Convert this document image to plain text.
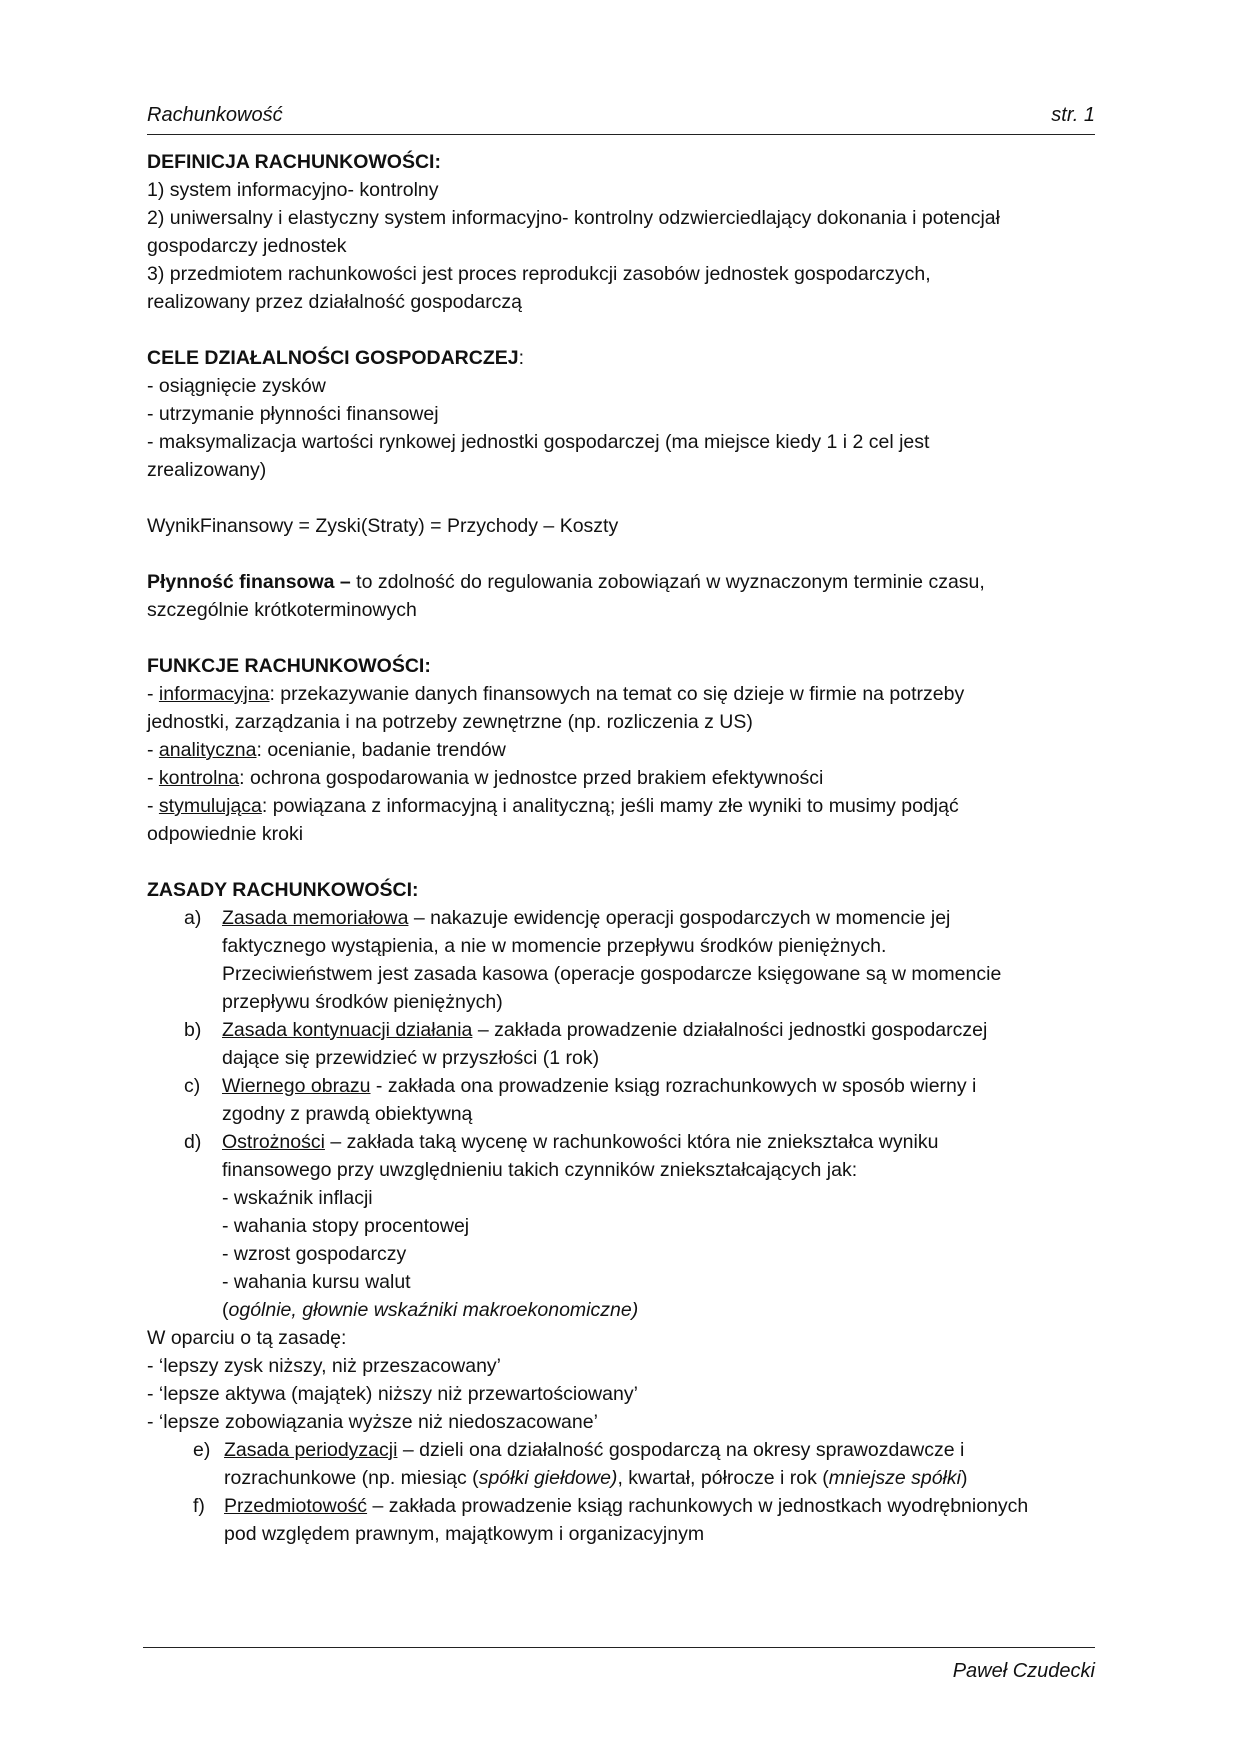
Rachunkowość	str. 1
DEFINICJA RACHUNKOWOŚCI:
1) system informacyjno- kontrolny
2) uniwersalny i elastyczny system informacyjno- kontrolny odzwierciedlający dokonania i potencjał
gospodarczy jednostek
3) przedmiotem rachunkowości jest proces reprodukcji zasobów jednostek gospodarczych,
realizowany przez działalność gospodarczą
CELE DZIAŁALNOŚCI GOSPODARCZEJ:
- osiągnięcie zysków
- utrzymanie płynności finansowej
- maksymalizacja wartości rynkowej jednostki gospodarczej (ma miejsce kiedy 1 i 2 cel jest
zrealizowany)
WynikFinansowy = Zyski(Straty) = Przychody – Koszty
Płynność finansowa – to zdolność do regulowania zobowiązań w wyznaczonym terminie czasu,
szczególnie krótkoterminowych
FUNKCJE RACHUNKOWOŚCI:
- informacyjna: przekazywanie danych finansowych na temat co się dzieje w firmie na potrzeby
jednostki, zarządzania i na potrzeby zewnętrzne (np. rozliczenia z US)
- analityczna: ocenianie, badanie trendów
- kontrolna: ochrona gospodarowania w jednostce przed brakiem efektywności
- stymulująca: powiązana z informacyjną i analityczną; jeśli mamy złe wyniki to musimy podjąć
odpowiednie kroki
ZASADY RACHUNKOWOŚCI:
a) Zasada memoriałowa – nakazuje ewidencję operacji gospodarczych w momencie jej
faktycznego wystąpienia, a nie w momencie przepływu środków pieniężnych.
Przeciwieństwem jest zasada kasowa (operacje gospodarcze księgowane są w momencie
przepływu środków pieniężnych)
b) Zasada kontynuacji działania – zakłada prowadzenie działalności jednostki gospodarczej
dające się przewidzieć w przyszłości (1 rok)
c) Wiernego obrazu - zakłada ona prowadzenie ksiąg rozrachunkowych w sposób wierny i
zgodny z prawdą obiektywną
d) Ostrożności – zakłada taką wycenę w rachunkowości która nie zniekształca wyniku
finansowego przy uwzględnieniu takich czynników zniekształcających jak:
- wskaźnik inflacji
- wahania stopy procentowej
- wzrost gospodarczy
- wahania kursu walut
(ogólnie, głownie wskaźniki makroekonomiczne)
W oparciu o tą zasadę:
- ‘lepszy zysk niższy, niż przeszacowany’
- ‘lepsze aktywa (majątek) niższy niż przewartościowany’
- ‘lepsze zobowiązania wyższe niż niedoszacowane’
e) Zasada periodyzacji – dzieli ona działalność gospodarczą na okresy sprawozdawcze i
rozrachunkowe (np. miesiąc (spółki giełdowe), kwartał, półrocze i rok (mniejsze spółki)
f) Przedmiotowość – zakłada prowadzenie ksiąg rachunkowych w jednostkach wyodrębnionych
pod względem prawnym, majątkowym i organizacyjnym
Paweł Czudecki
